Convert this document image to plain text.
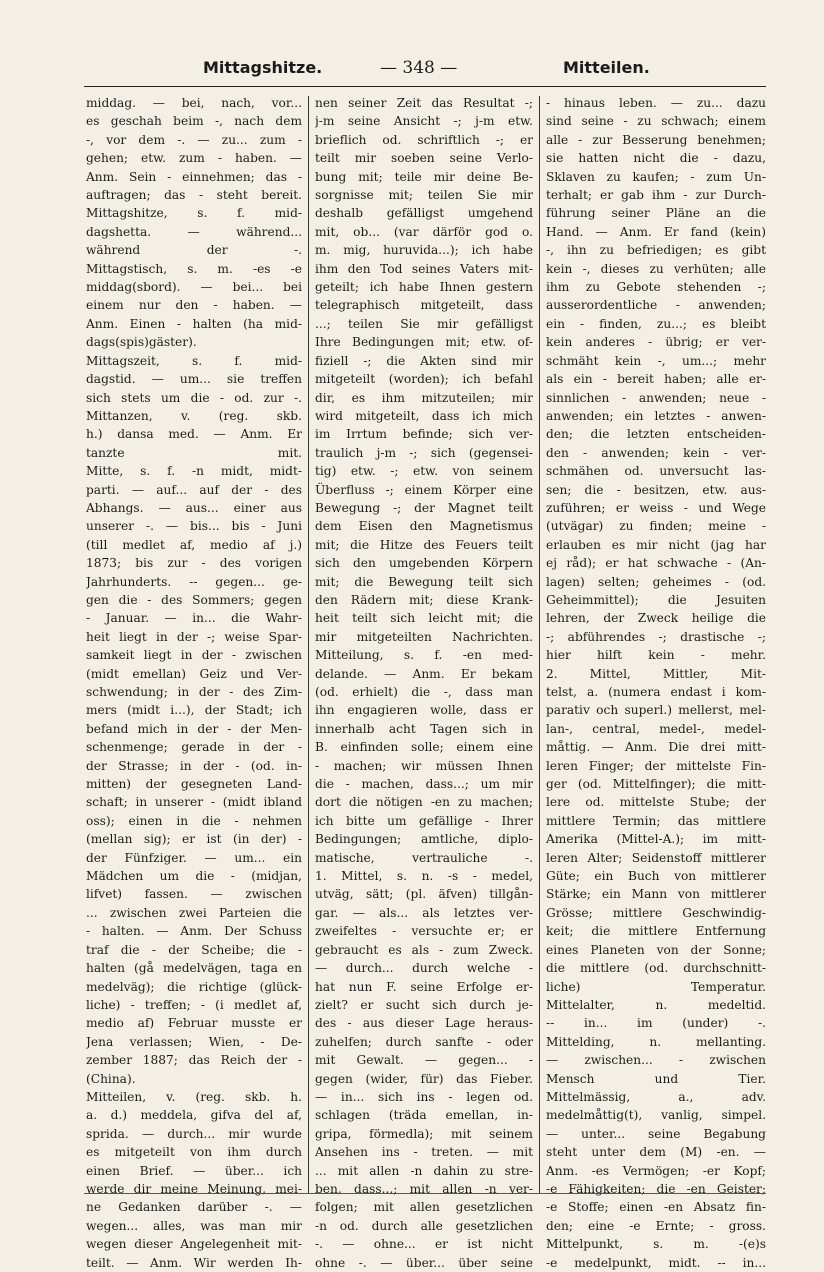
Mittagshitze.	— 348 —	Mitteilen.
middag. — bei, nach, vor...
es geschah beim -, nach dem
-, vor dem -. — zu... zum -
gehen; etw. zum - haben. —
Anm. Sein - einnehmen; das -
auftragen; das - steht bereit.
Mittagshitze, s. f. mid-
dagshetta. — während...
während der -.
Mittagstisch, s. m. -es -e
middag(sbord). — bei... bei
einem nur den - haben. —
Anm. Einen - halten (ha mid-
dags(spis)gäster).
Mittagszeit, s. f. mid-
dagstid. — um... sie treffen
sich stets um die - od. zur -.
Mittanzen, v. (reg. skb.
h.) dansa med. — Anm. Er
tanzte mit.
Mitte, s. f. -n midt, midt-
parti. — auf... auf der - des
Abhangs. — aus... einer aus
unserer -. — bis... bis - Juni
(till medlet af, medio af j.)
1873; bis zur - des vorigen
Jahrhunderts. -- gegen... ge-
gen die - des Sommers; gegen
- Januar. — in... die Wahr-
heit liegt in der -; weise Spar-
samkeit liegt in der - zwischen
(midt emellan) Geiz und Ver-
schwendung; in der - des Zim-
mers (midt i...), der Stadt; ich
befand mich in der - der Men-
schenmenge; gerade in der -
der Strasse; in der - (od. in-
mitten) der gesegneten Land-
schaft; in unserer - (midt ibland
oss); einen in die - nehmen
(mellan sig); er ist (in der) -
der Fünfziger. — um... ein
Mädchen um die - (midjan,
lifvet) fassen. — zwischen
... zwischen zwei Parteien die
- halten. — Anm. Der Schuss
traf die - der Scheibe; die -
halten (gå medelvägen, taga en
medelväg); die richtige (glück-
liche) - treffen; - (i medlet af,
medio af) Februar musste er
Jena verlassen; Wien, - De-
zember 1887; das Reich der -
(China).
Mitteilen, v. (reg. skb. h.
a. d.) meddela, gifva del af,
sprida. — durch... mir wurde
es mitgeteilt von ihm durch
einen Brief. — über... ich
werde dir meine Meinung, mei-
ne Gedanken darüber -. —
wegen... alles, was man mir
wegen dieser Angelegenheit mit-
teilt. — Anm. Wir werden Ih-
nen seiner Zeit das Resultat -;
j-m seine Ansicht -; j-m etw.
brieflich od. schriftlich -; er
teilt mir soeben seine Verlo-
bung mit; teile mir deine Be-
sorgnisse mit; teilen Sie mir
deshalb gefälligst umgehend
mit, ob... (var därför god o.
m. mig, huruvida...); ich habe
ihm den Tod seines Vaters mit-
geteilt; ich habe Ihnen gestern
telegraphisch mitgeteilt, dass
...; teilen Sie mir gefälligst
Ihre Bedingungen mit; etw. of-
fiziell -; die Akten sind mir
mitgeteilt (worden); ich befahl
dir, es ihm mitzuteilen; mir
wird mitgeteilt, dass ich mich
im Irrtum befinde; sich ver-
traulich j-m -; sich (gegensei-
tig) etw. -; etw. von seinem
Überfluss -; einem Körper eine
Bewegung -; der Magnet teilt
dem Eisen den Magnetismus
mit; die Hitze des Feuers teilt
sich den umgebenden Körpern
mit; die Bewegung teilt sich
den Rädern mit; diese Krank-
heit teilt sich leicht mit; die
mir mitgeteilten Nachrichten.
Mitteilung, s. f. -en med-
delande. — Anm. Er bekam
(od. erhielt) die -, dass man
ihn engagieren wolle, dass er
innerhalb acht Tagen sich in
B. einfinden solle; einem eine
- machen; wir müssen Ihnen
die - machen, dass...; um mir
dort die nötigen -en zu machen;
ich bitte um gefällige - Ihrer
Bedingungen; amtliche, diplo-
matische, vertrauliche -.
1. Mittel, s. n. -s - medel,
utväg, sätt; (pl. äfven) tillgån-
gar. — als... als letztes ver-
zweifeltes - versuchte er; er
gebraucht es als - zum Zweck.
— durch... durch welche -
hat nun F. seine Erfolge er-
zielt? er sucht sich durch je-
des - aus dieser Lage heraus-
zuhelfen; durch sanfte - oder
mit Gewalt. — gegen... -
gegen (wider, für) das Fieber.
— in... sich ins - legen od.
schlagen (träda emellan, in-
gripa, förmedla); mit seinem
Ansehen ins - treten. — mit
... mit allen -n dahin zu stre-
ben, dass...; mit allen -n ver-
folgen; mit allen gesetzlichen
-n od. durch alle gesetzlichen
-. — ohne... er ist nicht
ohne -. — über... über seine
- hinaus leben. — zu... dazu
sind seine - zu schwach; einem
alle - zur Besserung benehmen;
sie hatten nicht die - dazu,
Sklaven zu kaufen; - zum Un-
terhalt; er gab ihm - zur Durch-
führung seiner Pläne an die
Hand. — Anm. Er fand (kein)
-, ihn zu befriedigen; es gibt
kein -, dieses zu verhüten; alle
ihm zu Gebote stehenden -;
ausserordentliche - anwenden;
ein - finden, zu...; es bleibt
kein anderes - übrig; er ver-
schmäht kein -, um...; mehr
als ein - bereit haben; alle er-
sinnlichen - anwenden; neue -
anwenden; ein letztes - anwen-
den; die letzten entscheiden-
den - anwenden; kein - ver-
schmähen od. unversucht las-
sen; die - besitzen, etw. aus-
zuführen; er weiss - und Wege
(utvägar) zu finden; meine -
erlauben es mir nicht (jag har
ej råd); er hat schwache - (An-
lagen) selten; geheimes - (od.
Geheimmittel); die Jesuiten
lehren, der Zweck heilige die
-; abführendes -; drastische -;
hier hilft kein - mehr.
2. Mittel, Mittler, Mit-
telst, a. (numera endast i kom-
parativ och superl.) mellerst, mel-
lan-, central, medel-, medel-
måttig. — Anm. Die drei mitt-
leren Finger; der mittelste Fin-
ger (od. Mittelfinger); die mitt-
lere od. mittelste Stube; der
mittlere Termin; das mittlere
Amerika (Mittel-A.); im mitt-
leren Alter; Seidenstoff mittlerer
Güte; ein Buch von mittlerer
Stärke; ein Mann von mittlerer
Grösse; mittlere Geschwindig-
keit; die mittlere Entfernung
eines Planeten von der Sonne;
die mittlere (od. durchschnitt-
liche) Temperatur.
Mittelalter, n. medeltid.
-- in... im (under) -.
Mittelding, n. mellanting.
— zwischen... - zwischen
Mensch und Tier.
Mittelmässig, a., adv.
medelmåttig(t), vanlig, simpel.
— unter... seine Begabung
steht unter dem (M) -en. —
Anm. -es Vermögen; -er Kopf;
-e Fähigkeiten; die -en Geister;
-e Stoffe; einen -en Absatz fin-
den; eine -e Ernte; - gross.
Mittelpunkt, s. m. -(e)s
-e medelpunkt, midt. -- in...
